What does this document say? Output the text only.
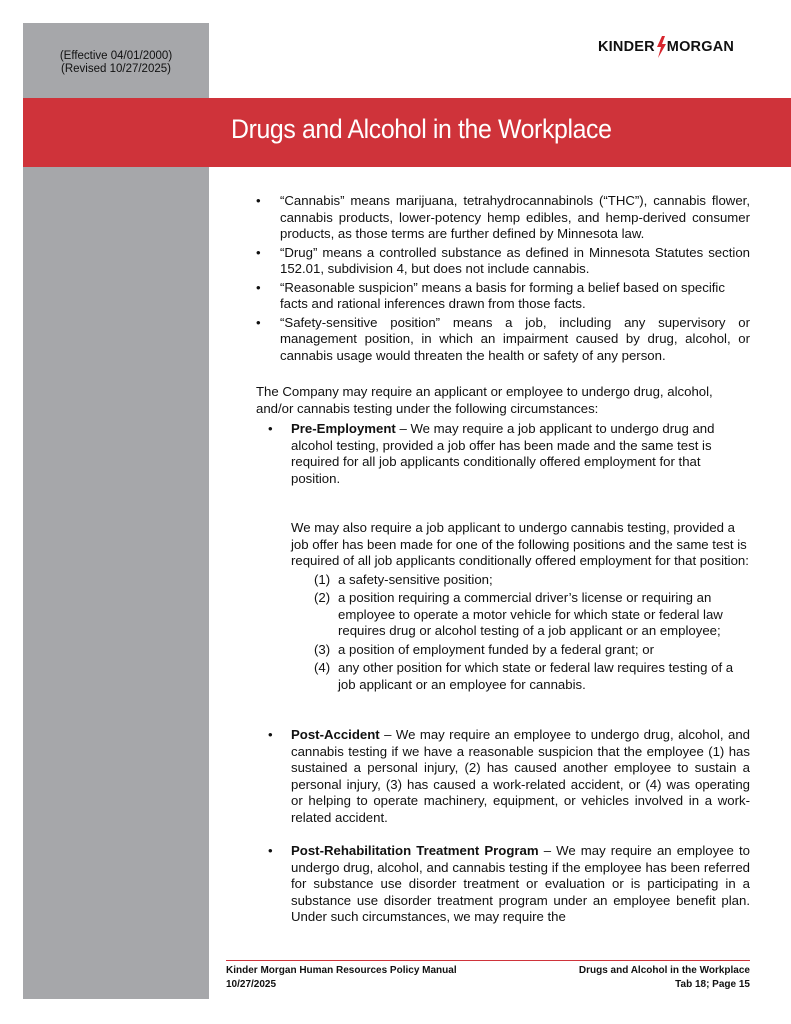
(Effective 04/01/2000)
(Revised 10/27/2025)
KINDER MORGAN
Drugs and Alcohol in the Workplace
• “Cannabis” means marijuana, tetrahydrocannabinols (“THC”), cannabis flower, cannabis products, lower-potency hemp edibles, and hemp-derived consumer products, as those terms are further defined by Minnesota law.
• “Drug” means a controlled substance as defined in Minnesota Statutes section 152.01, subdivision 4, but does not include cannabis.
• “Reasonable suspicion” means a basis for forming a belief based on specific facts and rational inferences drawn from those facts.
• “Safety-sensitive position” means a job, including any supervisory or management position, in which an impairment caused by drug, alcohol, or cannabis usage would threaten the health or safety of any person.

The Company may require an applicant or employee to undergo drug, alcohol, and/or cannabis testing under the following circumstances:

• Pre-Employment – We may require a job applicant to undergo drug and alcohol testing, provided a job offer has been made and the same test is required for all job applicants conditionally offered employment for that position.
We may also require a job applicant to undergo cannabis testing, provided a job offer has been made for one of the following positions and the same test is required of all job applicants conditionally offered employment for that position:
(1) a safety-sensitive position;
(2) a position requiring a commercial driver’s license or requiring an employee to operate a motor vehicle for which state or federal law requires drug or alcohol testing of a job applicant or an employee;
(3) a position of employment funded by a federal grant; or
(4) any other position for which state or federal law requires testing of a job applicant or an employee for cannabis.
• Post-Accident – We may require an employee to undergo drug, alcohol, and cannabis testing if we have a reasonable suspicion that the employee (1) has sustained a personal injury, (2) has caused another employee to sustain a personal injury, (3) has caused a work-related accident, or (4) was operating or helping to operate machinery, equipment, or vehicles involved in a work-related accident.
• Post-Rehabilitation Treatment Program – We may require an employee to undergo drug, alcohol, and cannabis testing if the employee has been referred for substance use disorder treatment or evaluation or is participating in a substance use disorder treatment program under an employee benefit plan. Under such circumstances, we may require the
Kinder Morgan Human Resources Policy Manual	Drugs and Alcohol in the Workplace
10/27/2025	Tab 18; Page 15
